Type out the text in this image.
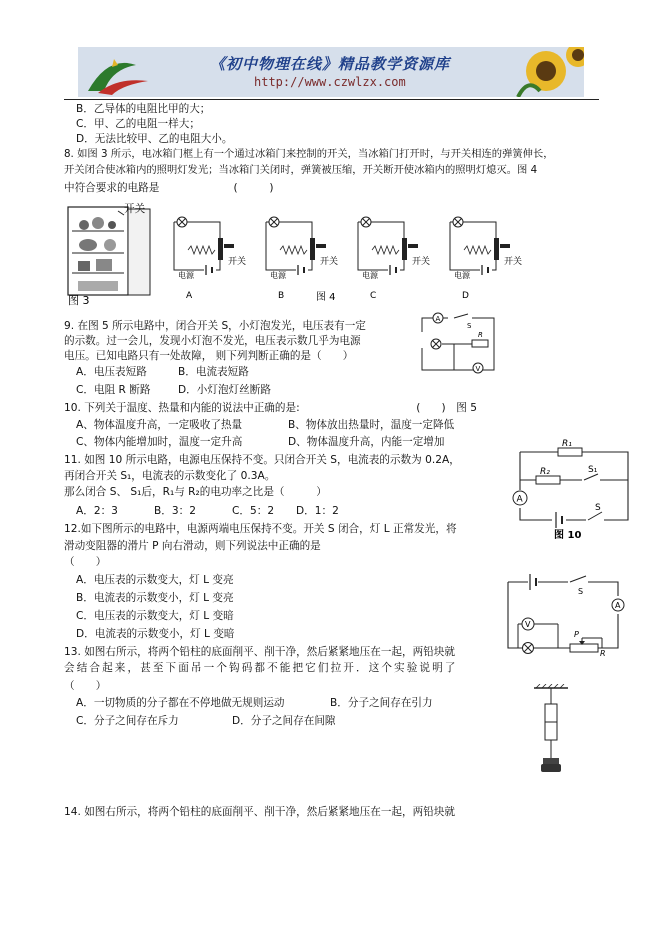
《初中物理在线》精品教学资源库
http://www.czwlzx.com
B．乙导体的电阻比甲的大；
C．甲、乙的电阻一样大；
D．无法比较甲、乙的电阻大小。
8. 如图 3 所示，电冰箱门框上有一个通过冰箱门来控制的开关，当冰箱门打开时，与开关相连的弹簧伸长，
开关闭合使冰箱内的照明灯发光；当冰箱门关闭时，弹簧被压缩，开关断开使冰箱内的照明灯熄灭。图 4
中符合要求的电路是　　　　　　　(　　　)
图 3
开关
开关
电源
A
开关
电源
B
开关
电源
C
开关
电源
D
图 4
9. 在图 5 所示电路中，闭合开关 S，小灯泡发光，电压表有一定
的示数。过一会儿，发现小灯泡不发光，电压表示数几乎为电源
电压。已知电路只有一处故障， 则下列判断正确的是（　　）
A．电压表短路	B．电流表短路
C．电阻 R 断路	D．小灯泡灯丝断路
A
S
R
V
10. 下列关于温度、热量和内能的说法中正确的是:　　　　　　　　　　　(　　)　图 5
A、物体温度升高，一定吸收了热量	B、物体放出热量时，温度一定降低
C、物体内能增加时，温度一定升高	D、物体温度升高，内能一定增加
11. 如图 10 所示电路，电源电压保持不变。只闭合开关 S，电流表的示数为 0.2A，
再闭合开关 S₁，电流表的示数变化了 0.3A。
那么闭合 S、 S₁后，R₁与 R₂的电功率之比是（　　　）
A．2：3	B．3：2	C．5：2 D．1：2
R₁
R₂	S₁
A
S
图 10
12.如下图所示的电路中，电源两端电压保持不变。开关 S 闭合，灯 L 正常发光，将
滑动变阻器的滑片 P 向右滑动，则下列说法中正确的是
（　　）
A．电压表的示数变大，灯 L 变亮
B．电流表的示数变小，灯 L 变亮
C．电压表的示数变大，灯 L 变暗
D．电流表的示数变小，灯 L 变暗
S
A
V
P
R
13. 如图右所示，将两个铅柱的底面削平、削干净，然后紧紧地压在一起，两铅块就
会结合起来，甚至下面吊一个钩码都不能把它们拉开．这个实验说明了
（　　）
A．一切物质的分子都在不停地做无规则运动	B．分子之间存在引力
C．分子之间存在斥力	D．分子之间存在间隙
14. 如图右所示，将两个铅柱的底面削平、削干净，然后紧紧地压在一起，两铅块就
